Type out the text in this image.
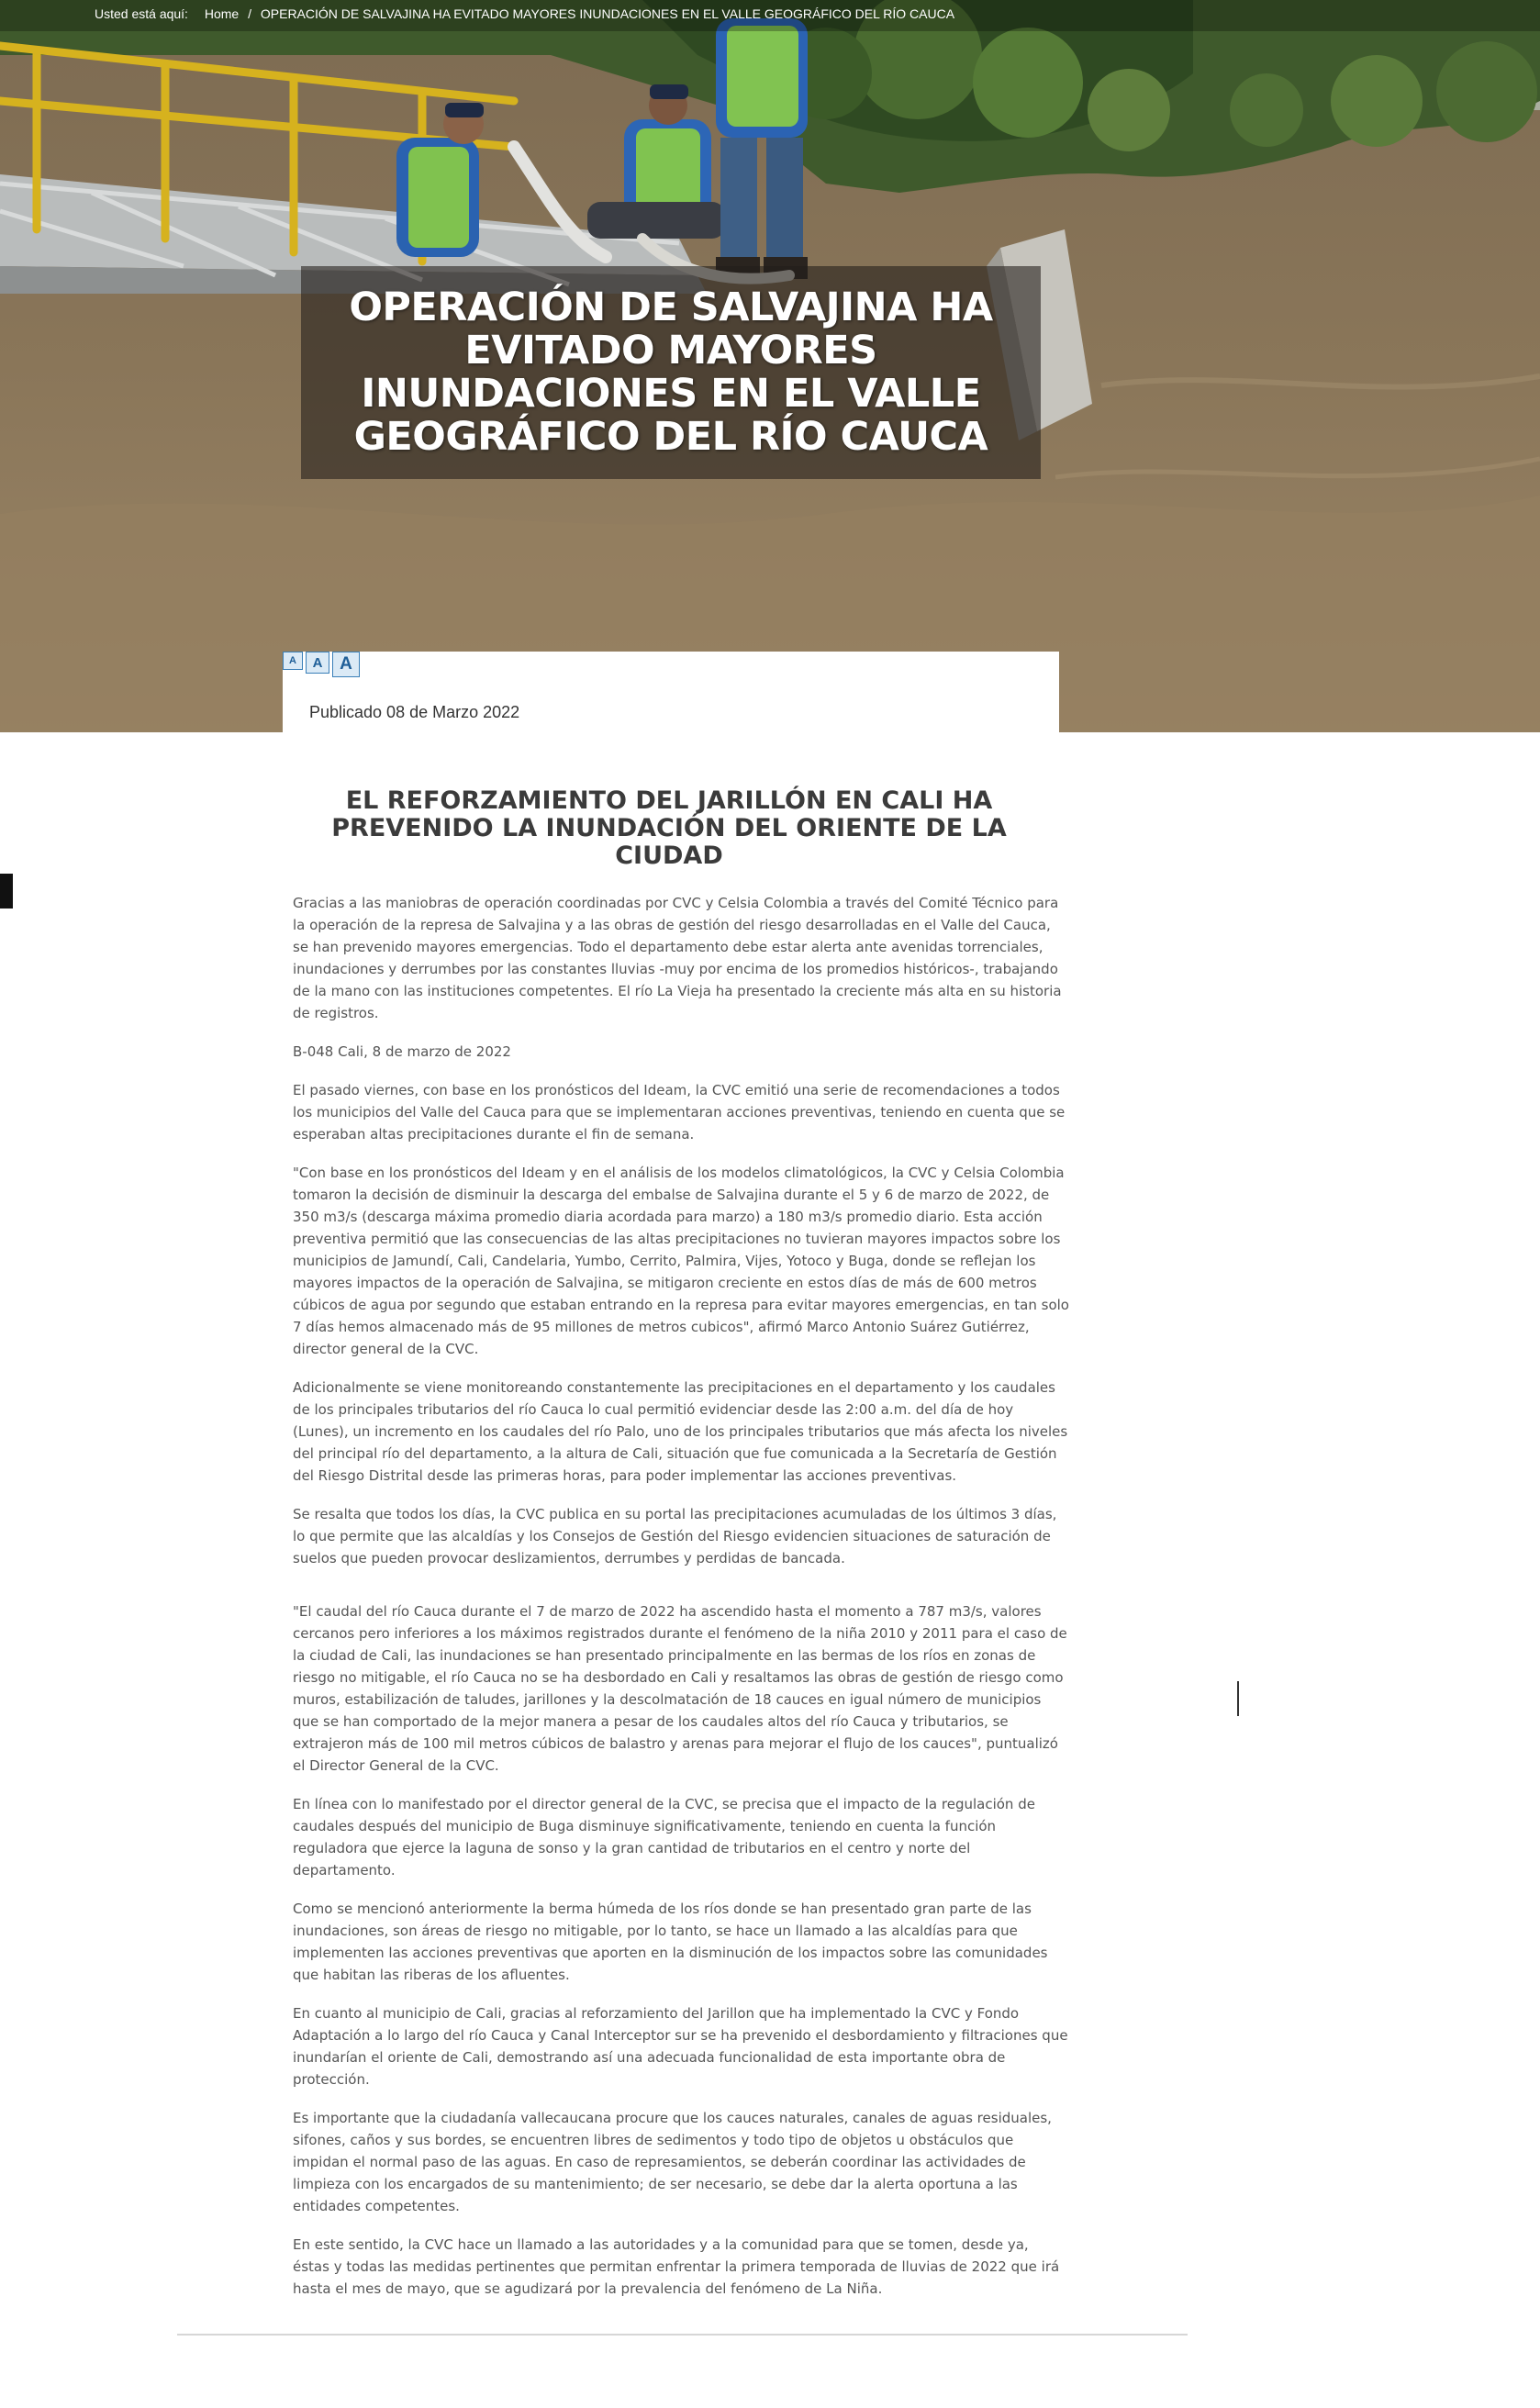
Usted está aquí: Home / OPERACIÓN DE SALVAJINA HA EVITADO MAYORES INUNDACIONES EN EL VALLE GEOGRÁFICO DEL RÍO CAUCA
OPERACIÓN DE SALVAJINA HA EVITADO MAYORES INUNDACIONES EN EL VALLE GEOGRÁFICO DEL RÍO CAUCA
A	A A
Publicado 08 de Marzo 2022
EL REFORZAMIENTO DEL JARILLÓN EN CALI HA PREVENIDO LA INUNDACIÓN DEL ORIENTE DE LA CIUDAD

Gracias a las maniobras de operación coordinadas por CVC y Celsia Colombia a través del Comité Técnico para la operación de la represa de Salvajina y a las obras de gestión del riesgo desarrolladas en el Valle del Cauca, se han prevenido mayores emergencias. Todo el departamento debe estar alerta ante avenidas torrenciales, inundaciones y derrumbes por las constantes lluvias -muy por encima de los promedios históricos-, trabajando de la mano con las instituciones competentes. El río La Vieja ha presentado la creciente más alta en su historia de registros.

B-048 Cali, 8 de marzo de 2022

El pasado viernes, con base en los pronósticos del Ideam, la CVC emitió una serie de recomendaciones a todos los municipios del Valle del Cauca para que se implementaran acciones preventivas, teniendo en cuenta que se esperaban altas precipitaciones durante el fin de semana.

"Con base en los pronósticos del Ideam y en el análisis de los modelos climatológicos, la CVC y Celsia Colombia tomaron la decisión de disminuir la descarga del embalse de Salvajina durante el 5 y 6 de marzo de 2022, de 350 m3/s (descarga máxima promedio diaria acordada para marzo) a 180 m3/s promedio diario. Esta acción preventiva permitió que las consecuencias de las altas precipitaciones no tuvieran mayores impactos sobre los municipios de Jamundí, Cali, Candelaria, Yumbo, Cerrito, Palmira, Vijes, Yotoco y Buga, donde se reflejan los mayores impactos de la operación de Salvajina, se mitigaron creciente en estos días de más de 600 metros cúbicos de agua por segundo que estaban entrando en la represa para evitar mayores emergencias, en tan solo 7 días hemos almacenado más de 95 millones de metros cubicos", afirmó Marco Antonio Suárez Gutiérrez, director general de la CVC.

Adicionalmente se viene monitoreando constantemente las precipitaciones en el departamento y los caudales de los principales tributarios del río Cauca lo cual permitió evidenciar desde las 2:00 a.m. del día de hoy (Lunes), un incremento en los caudales del río Palo, uno de los principales tributarios que más afecta los niveles del principal río del departamento, a la altura de Cali, situación que fue comunicada a la Secretaría de Gestión del Riesgo Distrital desde las primeras horas, para poder implementar las acciones preventivas.

Se resalta que todos los días, la CVC publica en su portal las precipitaciones acumuladas de los últimos 3 días, lo que permite que las alcaldías y los Consejos de Gestión del Riesgo evidencien situaciones de saturación de suelos que pueden provocar deslizamientos, derrumbes y perdidas de bancada.

"El caudal del río Cauca durante el 7 de marzo de 2022 ha ascendido hasta el momento a 787 m3/s, valores cercanos pero inferiores a los máximos registrados durante el fenómeno de la niña 2010 y 2011 para el caso de la ciudad de Cali, las inundaciones se han presentado principalmente en las bermas de los ríos en zonas de riesgo no mitigable, el río Cauca no se ha desbordado en Cali y resaltamos las obras de gestión de riesgo como muros, estabilización de taludes, jarillones y la descolmatación de 18 cauces en igual número de municipios que se han comportado de la mejor manera a pesar de los caudales altos del río Cauca y tributarios, se extrajeron más de 100 mil metros cúbicos de balastro y arenas para mejorar el flujo de los cauces", puntualizó el Director General de la CVC.

En línea con lo manifestado por el director general de la CVC, se precisa que el impacto de la regulación de caudales después del municipio de Buga disminuye significativamente, teniendo en cuenta la función reguladora que ejerce la laguna de sonso y la gran cantidad de tributarios en el centro y norte del departamento.

Como se mencionó anteriormente la berma húmeda de los ríos donde se han presentado gran parte de las inundaciones, son áreas de riesgo no mitigable, por lo tanto, se hace un llamado a las alcaldías para que implementen las acciones preventivas que aporten en la disminución de los impactos sobre las comunidades que habitan las riberas de los afluentes.

En cuanto al municipio de Cali, gracias al reforzamiento del Jarillon que ha implementado la CVC y Fondo Adaptación a lo largo del río Cauca y Canal Interceptor sur se ha prevenido el desbordamiento y filtraciones que inundarían el oriente de Cali, demostrando así una adecuada funcionalidad de esta importante obra de protección.

Es importante que la ciudadanía vallecaucana procure que los cauces naturales, canales de aguas residuales, sifones, caños y sus bordes, se encuentren libres de sedimentos y todo tipo de objetos u obstáculos que impidan el normal paso de las aguas. En caso de represamientos, se deberán coordinar las actividades de limpieza con los encargados de su mantenimiento; de ser necesario, se debe dar la alerta oportuna a las entidades competentes.

En este sentido, la CVC hace un llamado a las autoridades y a la comunidad para que se tomen, desde ya, éstas y todas las medidas pertinentes que permitan enfrentar la primera temporada de lluvias de 2022 que irá hasta el mes de mayo, que se agudizará por la prevalencia del fenómeno de La Niña.
